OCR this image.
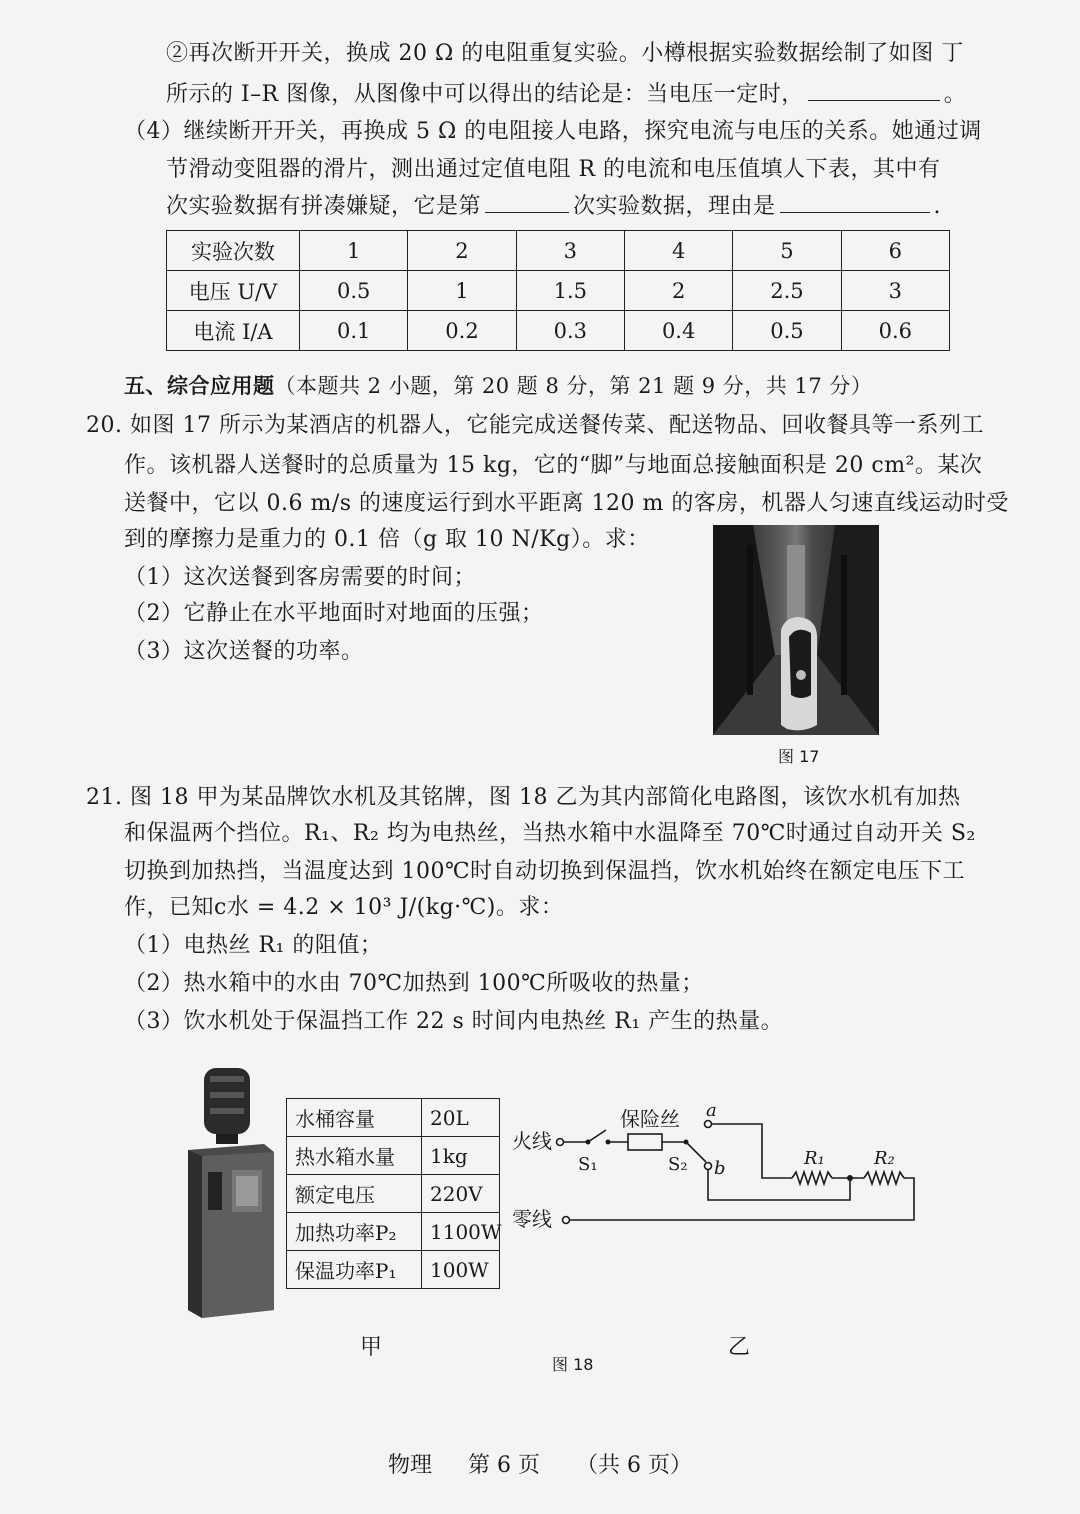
②再次断开开关，换成 20 Ω 的电阻重复实验。小樽根据实验数据绘制了如图 丁
所示的 I–R 图像，从图像中可以得出的结论是：当电压一定时，	。
（4）继续断开开关，再换成 5 Ω 的电阻接人电路，探究电流与电压的关系。她通过调
节滑动变阻器的滑片，测出通过定值电阻 R 的电流和电压值填人下表，其中有
次实验数据有拼凑嫌疑，它是第	次实验数据，理由是	.
实验次数	1	2	3	4	5	6
电压 U/V	0.5	1	1.5	2	2.5	3
电流 I/A	0.1	0.2	0.3	0.4	0.5	0.6
五、综合应用题（本题共 2 小题，第 20 题 8 分，第 21 题 9 分，共 17 分）
20. 如图 17 所示为某酒店的机器人，它能完成送餐传菜、配送物品、回收餐具等一系列工
作。该机器人送餐时的总质量为 15 kg，它的“脚”与地面总接触面积是 20 cm²。某次
送餐中，它以 0.6 m/s 的速度运行到水平距离 120 m 的客房，机器人匀速直线运动时受
到的摩擦力是重力的 0.1 倍（g 取 10 N/Kg）。求：
（1）这次送餐到客房需要的时间；
（2）它静止在水平地面时对地面的压强；
（3）这次送餐的功率。
图 17
21. 图 18 甲为某品牌饮水机及其铭牌，图 18 乙为其内部简化电路图，该饮水机有加热
和保温两个挡位。R₁、R₂ 均为电热丝，当热水箱中水温降至 70℃时通过自动开关 S₂
切换到加热挡，当温度达到 100℃时自动切换到保温挡，饮水机始终在额定电压下工
作，已知c水 = 4.2 × 10³ J/(kg·℃)。求：
（1）电热丝 R₁ 的阻值；
（2）热水箱中的水由 70℃加热到 100℃所吸收的热量；
（3）饮水机处于保温挡工作 22 s 时间内电热丝 R₁ 产生的热量。
水桶容量	20L
热水箱水量	1kg
额定电压	220V
加热功率P₂	1100W
保温功率P₁	100W
火线
S₁
保险丝
S₂
a
b	R₁	R₂
零线
甲	乙
图 18
物理 第 6 页 （共 6 页）
